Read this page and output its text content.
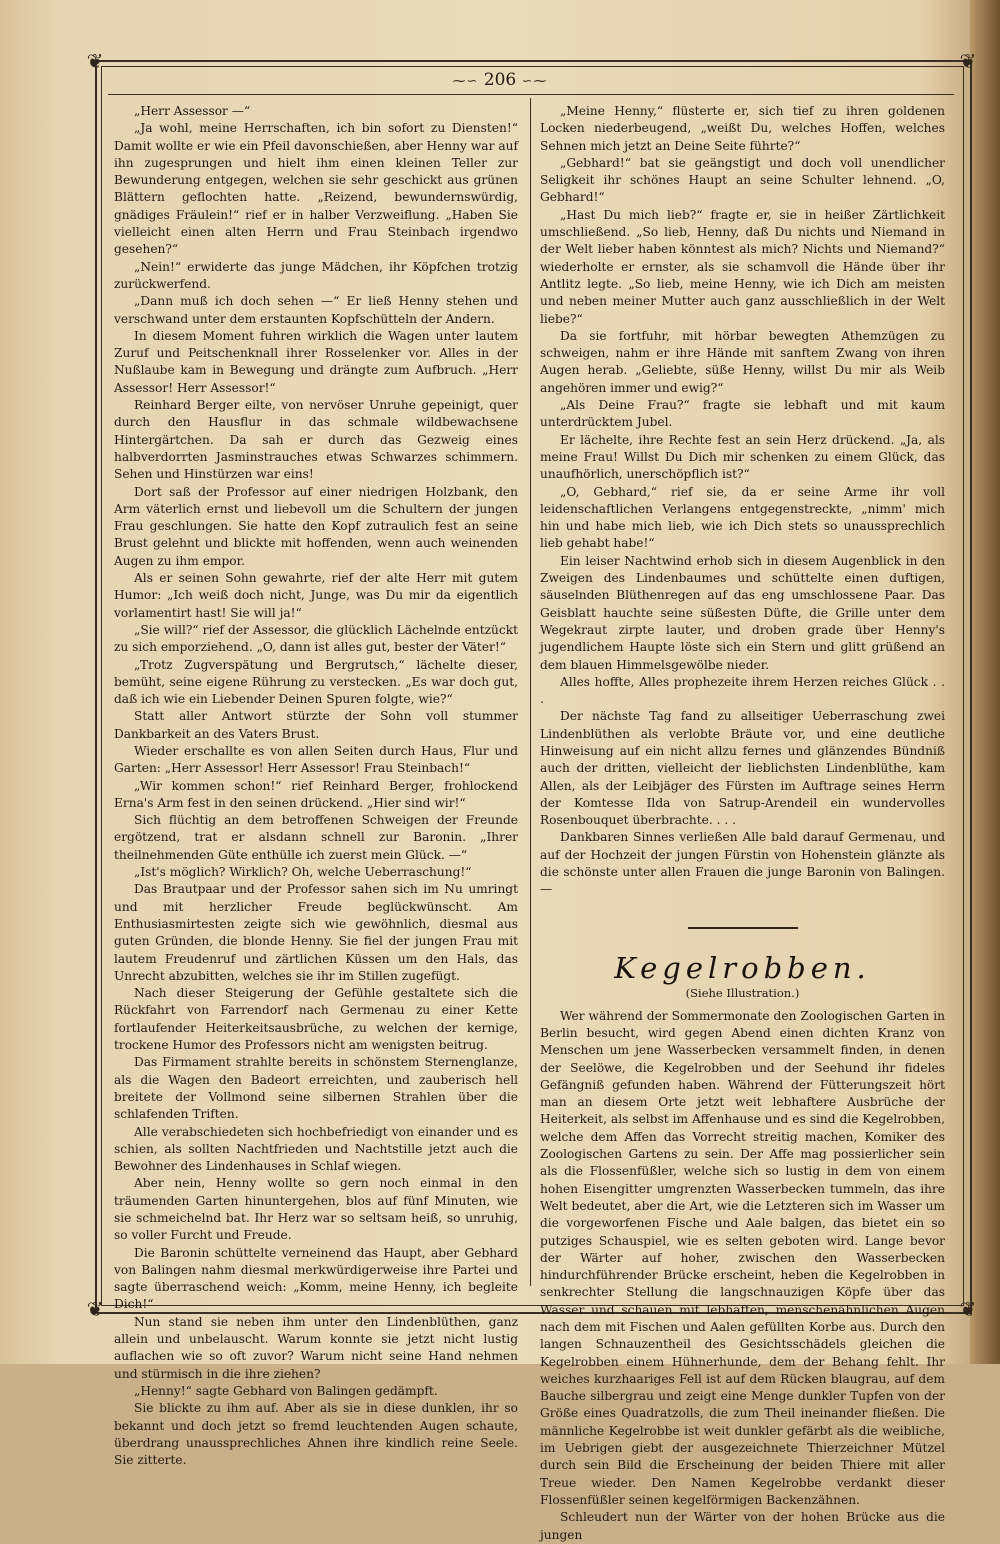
❦	❦
❦	❦
⁓∽ 206 ∽⁓

„Herr Assessor —“

„Ja wohl, meine Herrschaften, ich bin sofort zu Diensten!“ Damit wollte er wie ein Pfeil davonschießen, aber Henny war auf ihn zugesprungen und hielt ihm einen kleinen Teller zur Bewunderung entgegen, welchen sie sehr geschickt aus grünen Blättern geflochten hatte. „Reizend, bewundernswürdig, gnädiges Fräulein!“ rief er in halber Verzweiflung. „Haben Sie vielleicht einen alten Herrn und Frau Steinbach irgendwo gesehen?“

„Nein!“ erwiderte das junge Mädchen, ihr Köpfchen trotzig zurückwerfend.

„Dann muß ich doch sehen —“ Er ließ Henny stehen und verschwand unter dem erstaunten Kopfschütteln der Andern.

In diesem Moment fuhren wirklich die Wagen unter lautem Zuruf und Peitschenknall ihrer Rosselenker vor. Alles in der Nußlaube kam in Bewegung und drängte zum Aufbruch. „Herr Assessor! Herr Assessor!“

Reinhard Berger eilte, von nervöser Unruhe gepeinigt, quer durch den Hausflur in das schmale wildbewachsene Hintergärtchen. Da sah er durch das Gezweig eines halbverdorrten Jasminstrauches etwas Schwarzes schimmern. Sehen und Hinstürzen war eins!

Dort saß der Professor auf einer niedrigen Holzbank, den Arm väterlich ernst und liebevoll um die Schultern der jungen Frau geschlungen. Sie hatte den Kopf zutraulich fest an seine Brust gelehnt und blickte mit hoffenden, wenn auch weinenden Augen zu ihm empor.

Als er seinen Sohn gewahrte, rief der alte Herr mit gutem Humor: „Ich weiß doch nicht, Junge, was Du mir da eigentlich vorlamentirt hast! Sie will ja!“

„Sie will?“ rief der Assessor, die glücklich Lächelnde entzückt zu sich emporziehend. „O, dann ist alles gut, bester der Väter!“

„Trotz Zugverspätung und Bergrutsch,“ lächelte dieser, bemüht, seine eigene Rührung zu verstecken. „Es war doch gut, daß ich wie ein Liebender Deinen Spuren folgte, wie?“

Statt aller Antwort stürzte der Sohn voll stummer Dankbarkeit an des Vaters Brust.

Wieder erschallte es von allen Seiten durch Haus, Flur und Garten: „Herr Assessor! Herr Assessor! Frau Steinbach!“

„Wir kommen schon!“ rief Reinhard Berger, frohlockend Erna's Arm fest in den seinen drückend. „Hier sind wir!“

Sich flüchtig an dem betroffenen Schweigen der Freunde ergötzend, trat er alsdann schnell zur Baronin. „Ihrer theilnehmenden Güte enthülle ich zuerst mein Glück. —“

„Ist's möglich? Wirklich? Oh, welche Ueberraschung!“

Das Brautpaar und der Professor sahen sich im Nu umringt und mit herzlicher Freude beglückwünscht. Am Enthusiasmirtesten zeigte sich wie gewöhnlich, diesmal aus guten Gründen, die blonde Henny. Sie fiel der jungen Frau mit lautem Freudenruf und zärtlichen Küssen um den Hals, das Unrecht abzubitten, welches sie ihr im Stillen zugefügt.

Nach dieser Steigerung der Gefühle gestaltete sich die Rückfahrt von Farrendorf nach Germenau zu einer Kette fortlaufender Heiterkeitsausbrüche, zu welchen der kernige, trockene Humor des Professors nicht am wenigsten beitrug.

Das Firmament strahlte bereits in schönstem Sternenglanze, als die Wagen den Badeort erreichten, und zauberisch hell breitete der Vollmond seine silbernen Strahlen über die schlafenden Triften.

Alle verabschiedeten sich hochbefriedigt von einander und es schien, als sollten Nachtfrieden und Nachtstille jetzt auch die Bewohner des Lindenhauses in Schlaf wiegen.

Aber nein, Henny wollte so gern noch einmal in den träumenden Garten hinuntergehen, blos auf fünf Minuten, wie sie schmeichelnd bat. Ihr Herz war so seltsam heiß, so unruhig, so voller Furcht und Freude.

Die Baronin schüttelte verneinend das Haupt, aber Gebhard von Balingen nahm diesmal merkwürdigerweise ihre Partei und sagte überraschend weich: „Komm, meine Henny, ich begleite Dich!“

Nun stand sie neben ihm unter den Lindenblüthen, ganz allein und unbelauscht. Warum konnte sie jetzt nicht lustig auflachen wie so oft zuvor? Warum nicht seine Hand nehmen und stürmisch in die ihre ziehen?

„Henny!“ sagte Gebhard von Balingen gedämpft.

Sie blickte zu ihm auf. Aber als sie in diese dunklen, ihr so bekannt und doch jetzt so fremd leuchtenden Augen schaute, überdrang unaussprechliches Ahnen ihre kindlich reine Seele. Sie zitterte.

„Meine Henny,“ flüsterte er, sich tief zu ihren goldenen Locken niederbeugend, „weißt Du, welches Hoffen, welches Sehnen mich jetzt an Deine Seite führte?“

„Gebhard!“ bat sie geängstigt und doch voll unendlicher Seligkeit ihr schönes Haupt an seine Schulter lehnend. „O, Gebhard!“

„Hast Du mich lieb?“ fragte er, sie in heißer Zärtlichkeit umschließend. „So lieb, Henny, daß Du nichts und Niemand in der Welt lieber haben könntest als mich? Nichts und Niemand?“ wiederholte er ernster, als sie schamvoll die Hände über ihr Antlitz legte. „So lieb, meine Henny, wie ich Dich am meisten und neben meiner Mutter auch ganz ausschließlich in der Welt liebe?“

Da sie fortfuhr, mit hörbar bewegten Athemzügen zu schweigen, nahm er ihre Hände mit sanftem Zwang von ihren Augen herab. „Geliebte, süße Henny, willst Du mir als Weib angehören immer und ewig?“

„Als Deine Frau?“ fragte sie lebhaft und mit kaum unterdrücktem Jubel.

Er lächelte, ihre Rechte fest an sein Herz drückend. „Ja, als meine Frau! Willst Du Dich mir schenken zu einem Glück, das unaufhörlich, unerschöpflich ist?“

„O, Gebhard,“ rief sie, da er seine Arme ihr voll leidenschaftlichen Verlangens entgegenstreckte, „nimm' mich hin und habe mich lieb, wie ich Dich stets so unaussprechlich lieb gehabt habe!“

Ein leiser Nachtwind erhob sich in diesem Augenblick in den Zweigen des Lindenbaumes und schüttelte einen duftigen, säuselnden Blüthenregen auf das eng umschlossene Paar. Das Geisblatt hauchte seine süßesten Düfte, die Grille unter dem Wegekraut zirpte lauter, und droben grade über Henny's jugendlichem Haupte löste sich ein Stern und glitt grüßend an dem blauen Himmelsgewölbe nieder.

Alles hoffte, Alles prophezeite ihrem Herzen reiches Glück . . .

Der nächste Tag fand zu allseitiger Ueberraschung zwei Lindenblüthen als verlobte Bräute vor, und eine deutliche Hinweisung auf ein nicht allzu fernes und glänzendes Bündniß auch der dritten, vielleicht der lieblichsten Lindenblüthe, kam Allen, als der Leibjäger des Fürsten im Auftrage seines Herrn der Komtesse Ilda von Satrup-Arendeil ein wundervolles Rosenbouquet überbrachte. . . .

Dankbaren Sinnes verließen Alle bald darauf Germenau, und auf der Hochzeit der jungen Fürstin von Hohenstein glänzte als die schönste unter allen Frauen die junge Baronin von Balingen. —

Kegelrobben.
(Siehe Illustration.)

Wer während der Sommermonate den Zoologischen Garten in Berlin besucht, wird gegen Abend einen dichten Kranz von Menschen um jene Wasserbecken versammelt finden, in denen der Seelöwe, die Kegelrobben und der Seehund ihr fideles Gefängniß gefunden haben. Während der Fütterungszeit hört man an diesem Orte jetzt weit lebhaftere Ausbrüche der Heiterkeit, als selbst im Affenhause und es sind die Kegelrobben, welche dem Affen das Vorrecht streitig machen, Komiker des Zoologischen Gartens zu sein. Der Affe mag possierlicher sein als die Flossenfüßler, welche sich so lustig in dem von einem hohen Eisengitter umgrenzten Wasserbecken tummeln, das ihre Welt bedeutet, aber die Art, wie die Letzteren sich im Wasser um die vorgeworfenen Fische und Aale balgen, das bietet ein so putziges Schauspiel, wie es selten geboten wird. Lange bevor der Wärter auf hoher, zwischen den Wasserbecken hindurchführender Brücke erscheint, heben die Kegelrobben in senkrechter Stellung die langschnauzigen Köpfe über das Wasser und schauen mit lebhaften, menschenähnlichen Augen nach dem mit Fischen und Aalen gefüllten Korbe aus. Durch den langen Schnauzentheil des Gesichtsschädels gleichen die Kegelrobben einem Hühnerhunde, dem der Behang fehlt. Ihr weiches kurzhaariges Fell ist auf dem Rücken blaugrau, auf dem Bauche silbergrau und zeigt eine Menge dunkler Tupfen von der Größe eines Quadratzolls, die zum Theil ineinander fließen. Die männliche Kegelrobbe ist weit dunkler gefärbt als die weibliche, im Uebrigen giebt der ausgezeichnete Thierzeichner Mützel durch sein Bild die Erscheinung der beiden Thiere mit aller Treue wieder. Den Namen Kegelrobbe verdankt dieser Flossenfüßler seinen kegelförmigen Backenzähnen.

Schleudert nun der Wärter von der hohen Brücke aus die jungen
